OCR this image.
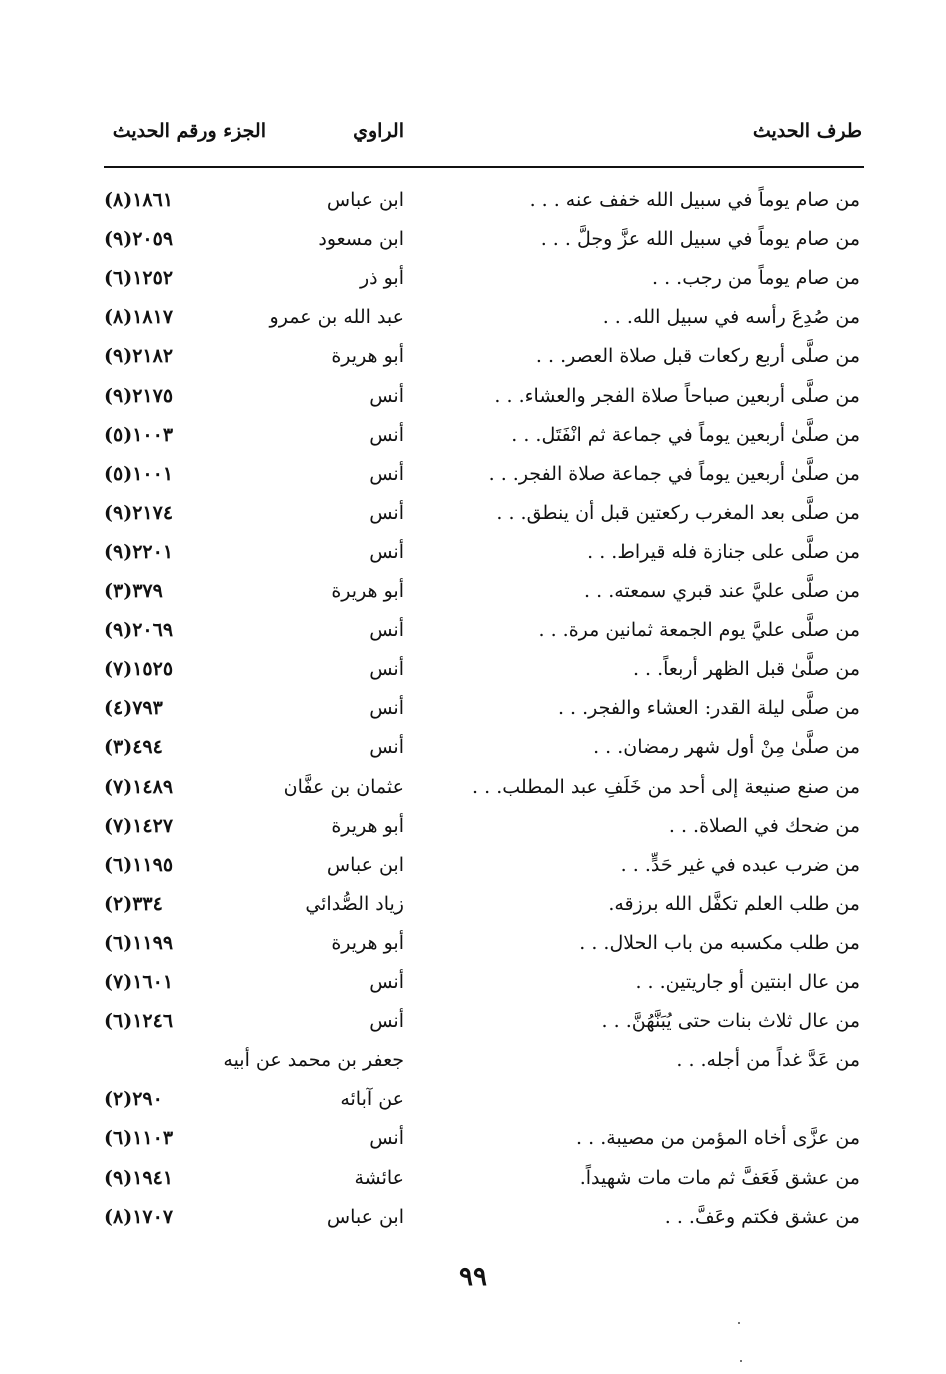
طرف الحديث
الراوي
الجزء ورقم الحديث
من صام يوماً في سبيل الله خفف عنه . . .
ابن عباس
١٨٦١(٨)
من صام يوماً في سبيل الله عزَّ وجلَّ . . .
ابن مسعود
٢٠٥٩(٩)
من صام يوماً من رجب. . .
أبو ذر
١٢٥٢(٦)
من صُدِعَ رأسه في سبيل الله. . .
عبد الله بن عمرو
١٨١٧(٨)
من صلَّى أربع ركعات قبل صلاة العصر. . .
أبو هريرة
٢١٨٢(٩)
من صلَّى أربعين صباحاً صلاة الفجر والعشاء. . .
أنس
٢١٧٥(٩)
من صلَّىٰ أربعين يوماً في جماعة ثم انْفَتَل. . .
أنس
١٠٠٣(٥)
من صلَّىٰ أربعين يوماً في جماعة صلاة الفجر. . .
أنس
١٠٠١(٥)
من صلَّى بعد المغرب ركعتين قبل أن ينطق. . .
أنس
٢١٧٤(٩)
من صلَّى على جنازة فله قيراط. . .
أنس
٢٢٠١(٩)
من صلَّى عليَّ عند قبري سمعته. . .
أبو هريرة
٣٧٩(٣)
من صلَّى عليَّ يوم الجمعة ثمانين مرة. . .
أنس
٢٠٦٩(٩)
من صلَّىٰ قبل الظهر أربعاً. . .
أنس
١٥٢٥(٧)
من صلَّى ليلة القدر: العشاء والفجر. . .
أنس
٧٩٣(٤)
من صلَّىٰ مِنْ أول شهر رمضان. . .
أنس
٤٩٤(٣)
من صنع صنيعة إلى أحد من خَلَفِ عبد المطلب. . .
عثمان بن عفَّان
١٤٨٩(٧)
من ضحك في الصلاة. . .
أبو هريرة
١٤٢٧(٧)
من ضرب عبده في غير حَدٍّ. . .
ابن عباس
١١٩٥(٦)
من طلب العلم تكفَّل الله برزقه.
زياد الصُّدائي
٣٣٤(٢)
من طلب مكسبه من باب الحلال. . .
أبو هريرة
١١٩٩(٦)
من عال ابنتين أو جاريتين. . .
أنس
١٦٠١(٧)
من عال ثلاث بنات حتى يُبَنَّهُنَّ. . .
أنس
١٢٤٦(٦)
من عَدَّ غداً من أجله. . .
جعفر بن محمد عن أبيه
عن آبائه
٢٩٠(٢)
من عزَّى أخاه المؤمن من مصيبة. . .
أنس
١١٠٣(٦)
من عشق فَعَفَّ ثم مات مات شهيداً.
عائشة
١٩٤١(٩)
من عشق فكتم وعَفَّ. . .
ابن عباس
١٧٠٧(٨)
٩٩
